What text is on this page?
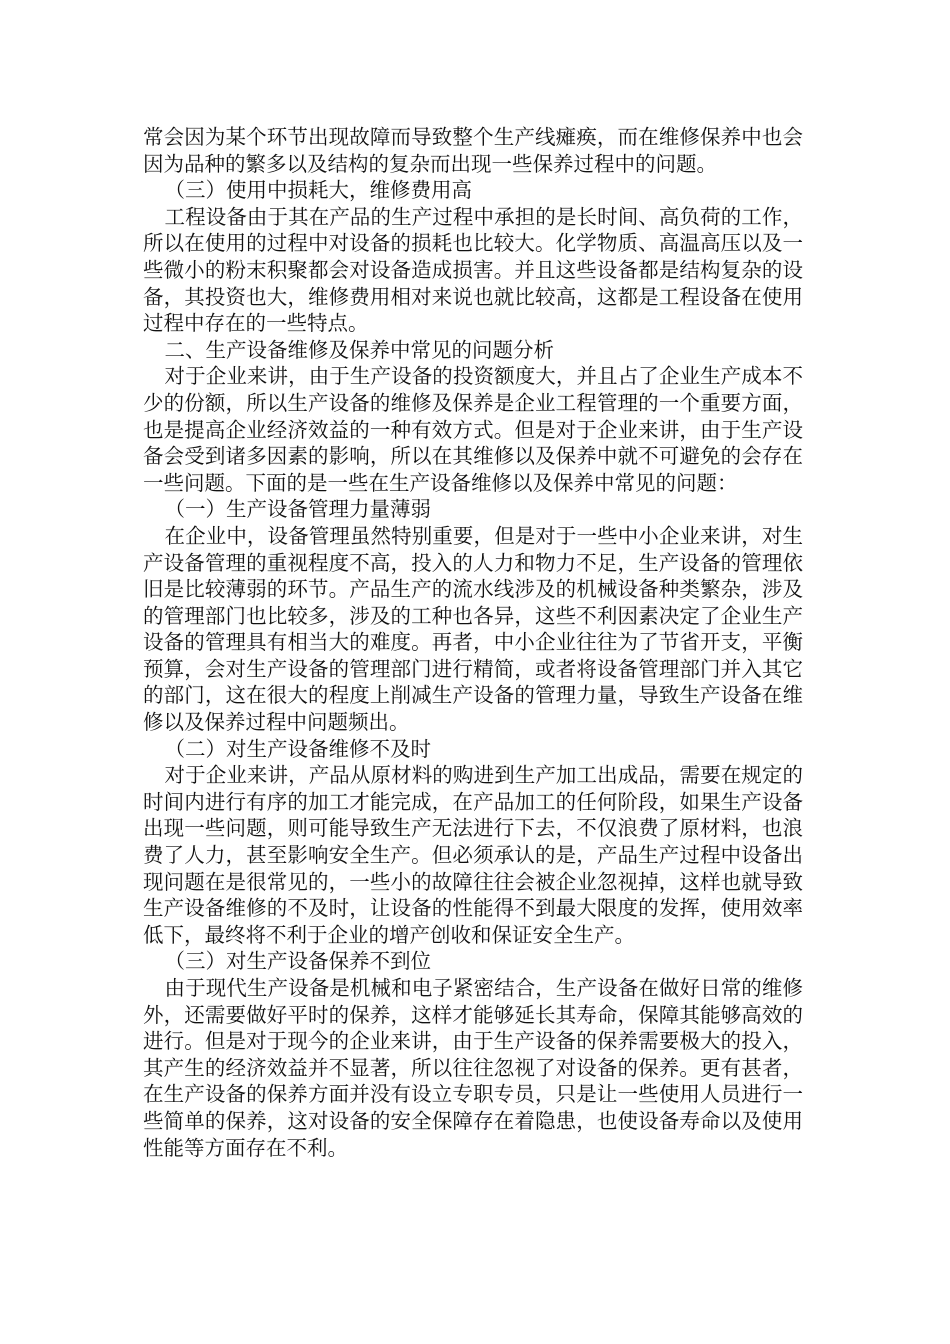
常会因为某个环节出现故障而导致整个生产线瘫痪，而在维修保养中也会因为品种的繁多以及结构的复杂而出现一些保养过程中的问题。

（三）使用中损耗大，维修费用高

工程设备由于其在产品的生产过程中承担的是长时间、高负荷的工作，所以在使用的过程中对设备的损耗也比较大。化学物质、高温高压以及一些微小的粉末积聚都会对设备造成损害。并且这些设备都是结构复杂的设备，其投资也大，维修费用相对来说也就比较高，这都是工程设备在使用过程中存在的一些特点。

二、生产设备维修及保养中常见的问题分析

对于企业来讲，由于生产设备的投资额度大，并且占了企业生产成本不少的份额，所以生产设备的维修及保养是企业工程管理的一个重要方面，也是提高企业经济效益的一种有效方式。但是对于企业来讲，由于生产设备会受到诸多因素的影响，所以在其维修以及保养中就不可避免的会存在一些问题。下面的是一些在生产设备维修以及保养中常见的问题：

（一）生产设备管理力量薄弱

在企业中，设备管理虽然特别重要，但是对于一些中小企业来讲，对生产设备管理的重视程度不高，投入的人力和物力不足，生产设备的管理依旧是比较薄弱的环节。产品生产的流水线涉及的机械设备种类繁杂，涉及的管理部门也比较多，涉及的工种也各异，这些不利因素决定了企业生产设备的管理具有相当大的难度。再者，中小企业往往为了节省开支，平衡预算，会对生产设备的管理部门进行精简，或者将设备管理部门并入其它的部门，这在很大的程度上削减生产设备的管理力量，导致生产设备在维修以及保养过程中问题频出。

（二）对生产设备维修不及时

对于企业来讲，产品从原材料的购进到生产加工出成品，需要在规定的时间内进行有序的加工才能完成，在产品加工的任何阶段，如果生产设备出现一些问题，则可能导致生产无法进行下去，不仅浪费了原材料，也浪费了人力，甚至影响安全生产。但必须承认的是，产品生产过程中设备出现问题在是很常见的，一些小的故障往往会被企业忽视掉，这样也就导致生产设备维修的不及时，让设备的性能得不到最大限度的发挥，使用效率低下，最终将不利于企业的增产创收和保证安全生产。

（三）对生产设备保养不到位

由于现代生产设备是机械和电子紧密结合，生产设备在做好日常的维修外，还需要做好平时的保养，这样才能够延长其寿命，保障其能够高效的进行。但是对于现今的企业来讲，由于生产设备的保养需要极大的投入，其产生的经济效益并不显著，所以往往忽视了对设备的保养。更有甚者，在生产设备的保养方面并没有设立专职专员，只是让一些使用人员进行一些简单的保养，这对设备的安全保障存在着隐患，也使设备寿命以及使用性能等方面存在不利。
